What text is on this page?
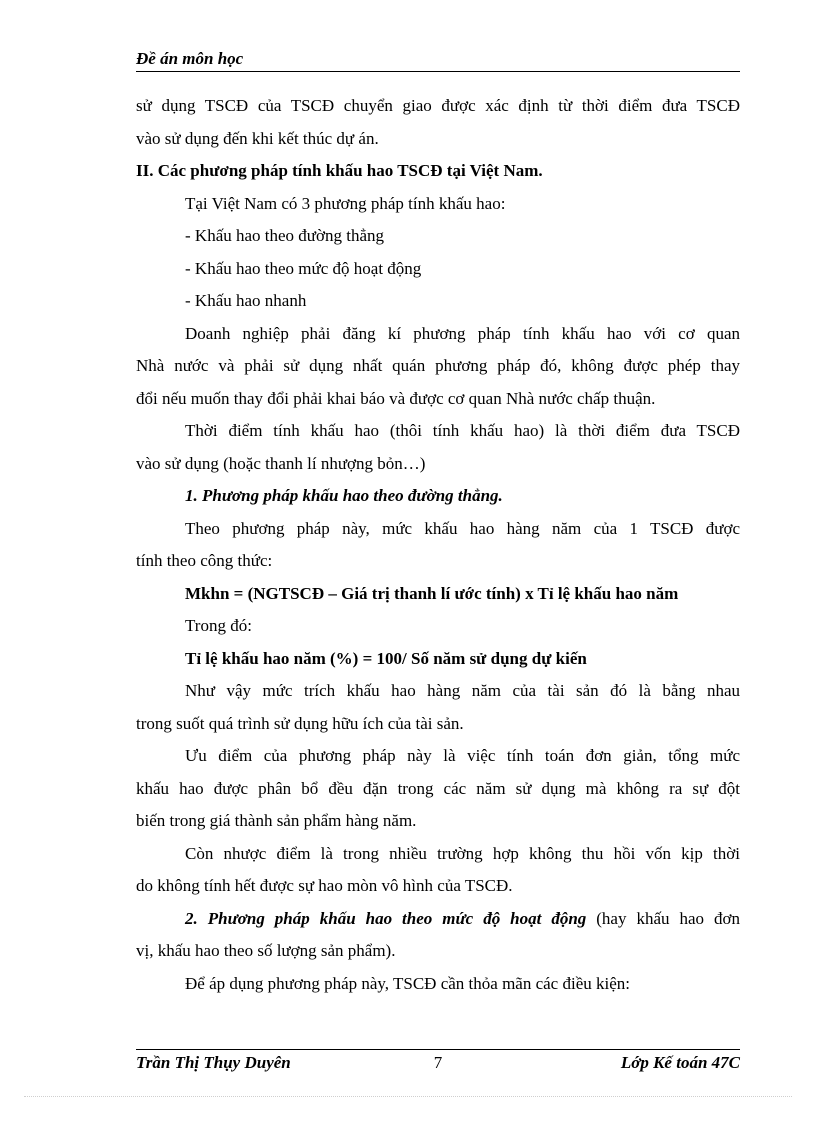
Đề án môn học

sử dụng TSCĐ của TSCĐ chuyển giao được xác định từ thời điểm đưa TSCĐ

vào sử dụng đến khi kết thúc dự án.

II. Các phương pháp tính khấu hao TSCĐ tại Việt Nam.

Tại Việt Nam có 3 phương pháp tính khấu hao:

- Khấu hao theo đường thẳng

- Khấu hao theo mức độ hoạt động

- Khấu hao nhanh

Doanh nghiệp phải đăng kí phương pháp tính khấu hao với cơ quan

Nhà nước và phải sử dụng nhất quán phương pháp đó, không được phép thay

đổi nếu muốn thay đổi phải khai báo và được cơ quan Nhà nước chấp thuận.

Thời điểm tính khấu hao (thôi tính khấu hao) là thời điểm đưa TSCĐ

vào sử dụng (hoặc thanh lí nhượng bỏn…)

1. Phương pháp khấu hao theo đường thẳng.

Theo phương pháp này, mức khấu hao hàng năm của 1 TSCĐ được

tính theo công thức:

Mkhn = (NGTSCĐ – Giá trị thanh lí ước tính) x Tỉ lệ khấu hao năm

Trong đó:

Tỉ lệ khấu hao năm (%) = 100/ Số năm sử dụng dự kiến

Như vậy mức trích khấu hao hàng năm của tài sản đó là bằng nhau

trong suốt quá trình sử dụng hữu ích của tài sản.

Ưu điểm của phương pháp này là việc tính toán đơn giản, tổng mức

khấu hao được phân bổ đều đặn trong các năm sử dụng mà không ra sự đột

biến trong giá thành sản phẩm hàng năm.

Còn nhược điểm là trong nhiều trường hợp không thu hồi vốn kịp thời

do không tính hết được sự hao mòn vô hình của TSCĐ.

2. Phương pháp khấu hao theo mức độ hoạt động (hay khấu hao đơn

vị, khấu hao theo số lượng sản phẩm).

Để áp dụng phương pháp này, TSCĐ cần thỏa mãn các điều kiện:

Trần Thị Thụy Duyên	7	Lớp Kế toán 47C
